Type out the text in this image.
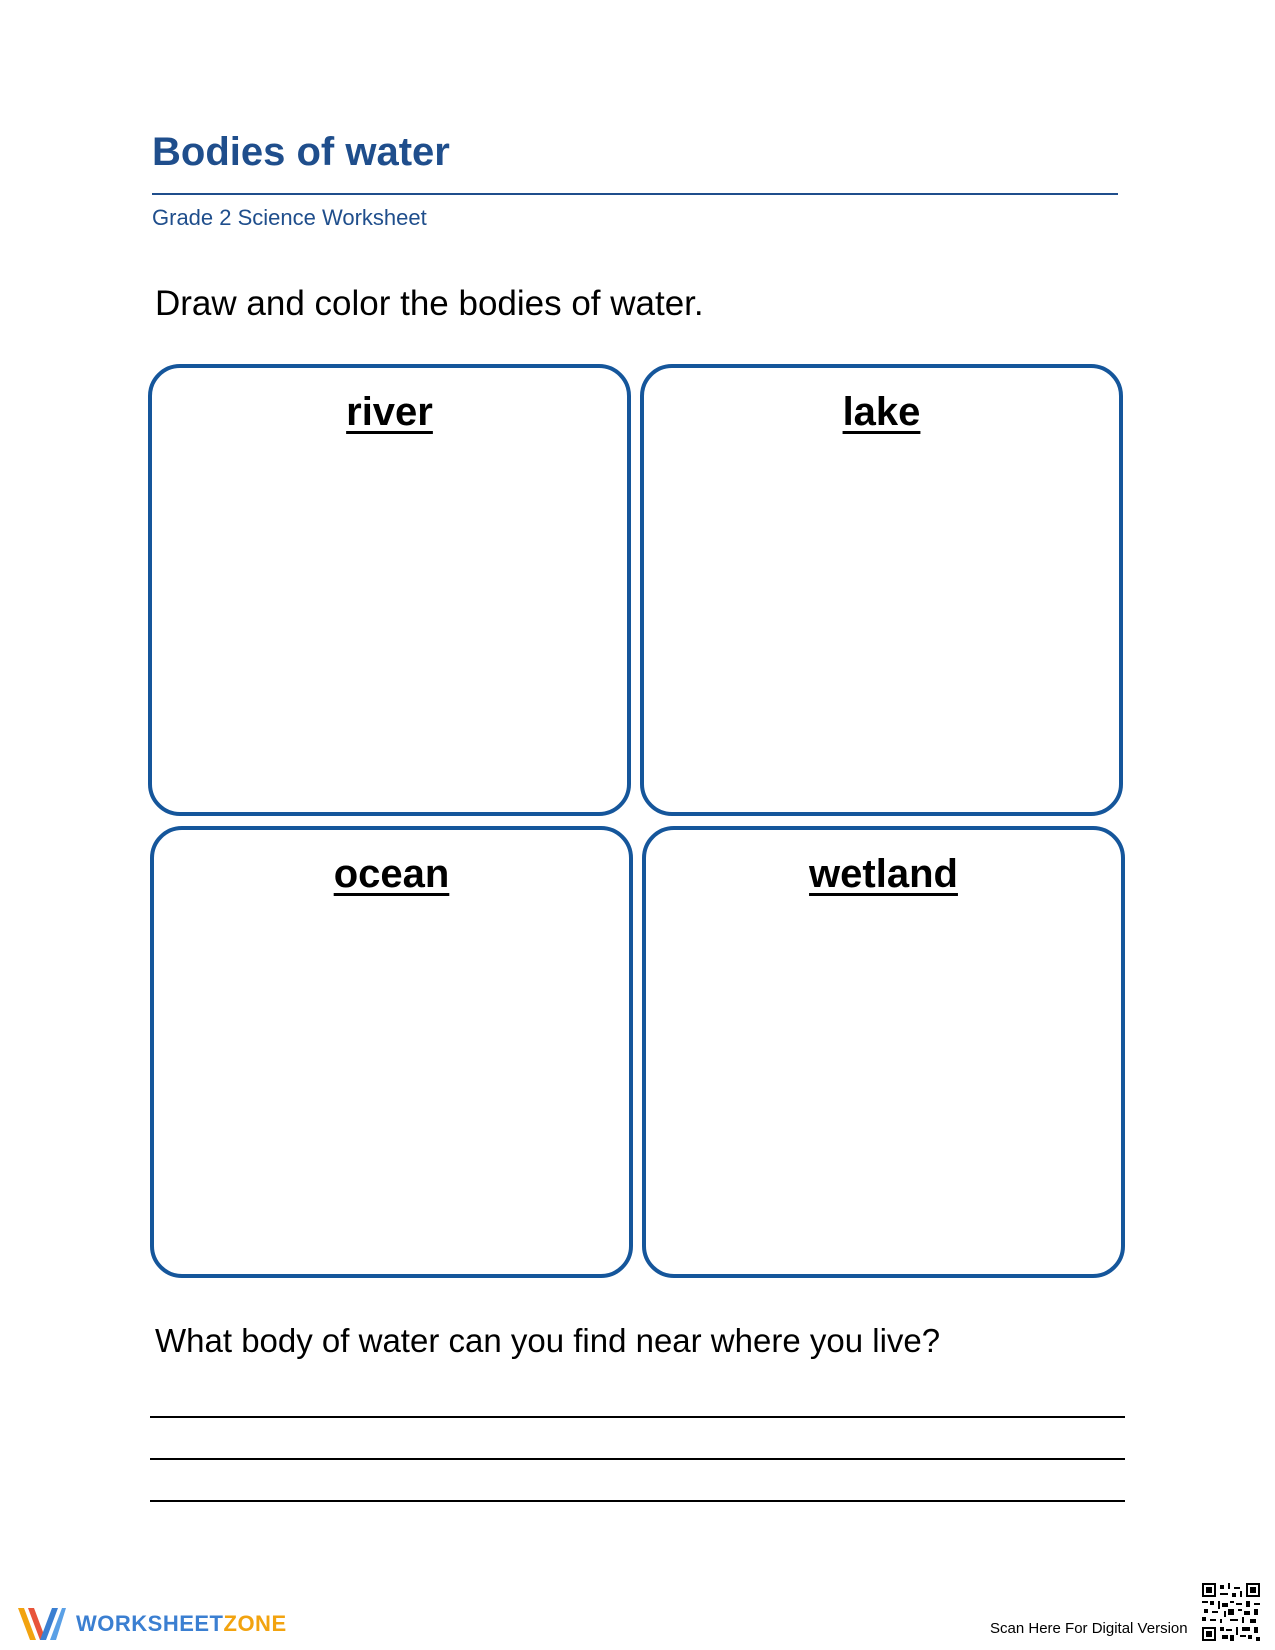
Bodies of water
Grade 2 Science Worksheet
Draw and color the bodies of water.
river	lake
ocean	wetland
What body of water can you find near where you live?
WORKSHEETZONE	Scan Here For Digital Version
